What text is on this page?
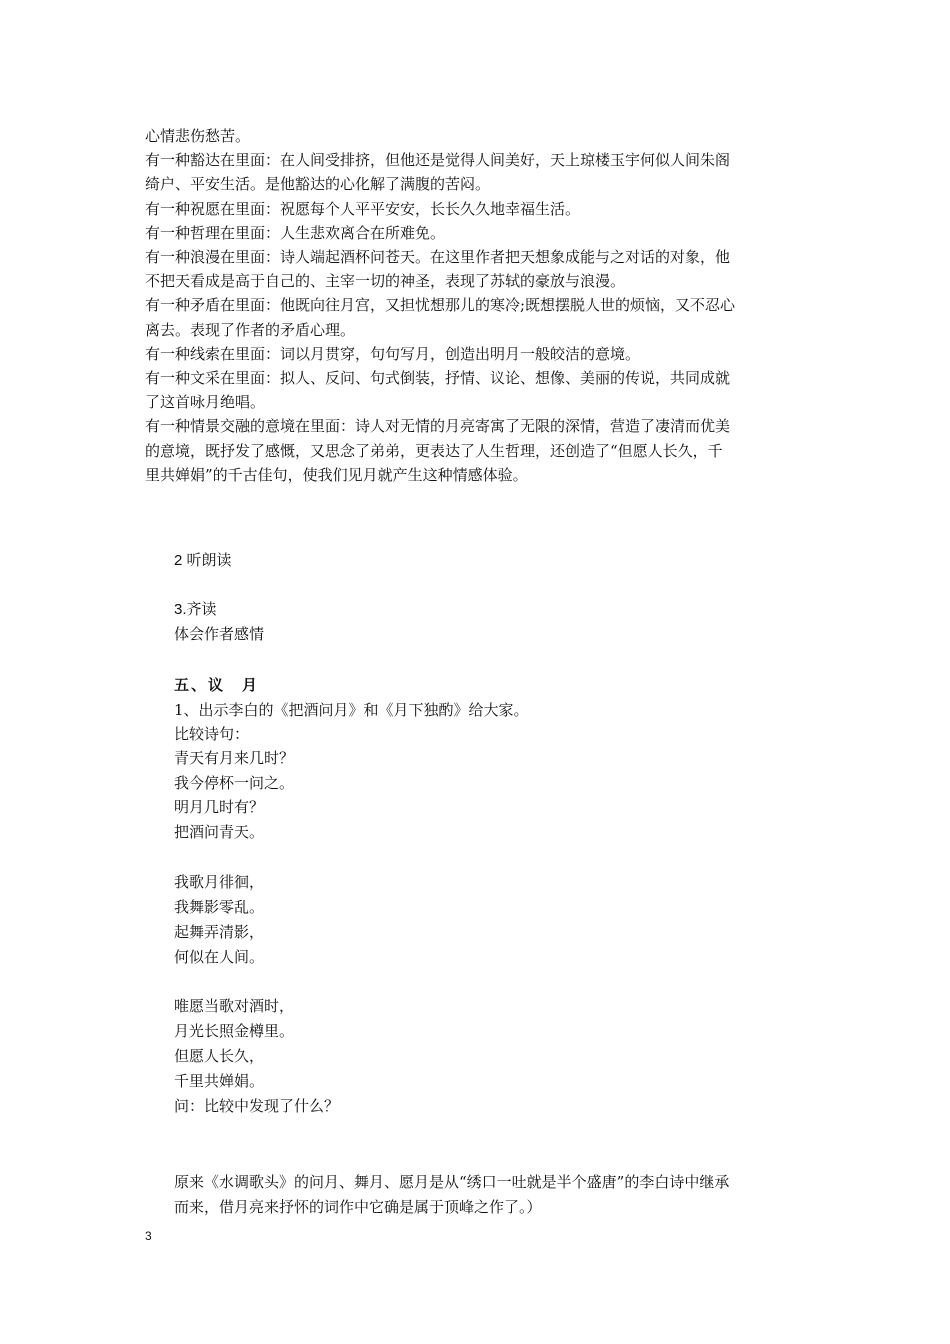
心情悲伤愁苦。
有一种豁达在里面：在人间受排挤，但他还是觉得人间美好，天上琼楼玉宇何似人间朱阁
绮户、平安生活。是他豁达的心化解了满腹的苦闷。
有一种祝愿在里面：祝愿每个人平平安安，长长久久地幸福生活。
有一种哲理在里面：人生悲欢离合在所难免。
有一种浪漫在里面：诗人端起酒杯问苍天。在这里作者把天想象成能与之对话的对象，他
不把天看成是高于自己的、主宰一切的神圣，表现了苏轼的豪放与浪漫。
有一种矛盾在里面：他既向往月宫，又担忧想那儿的寒冷;既想摆脱人世的烦恼，又不忍心
离去。表现了作者的矛盾心理。
有一种线索在里面：词以月贯穿，句句写月，创造出明月一般皎洁的意境。
有一种文采在里面：拟人、反问、句式倒装，抒情、议论、想像、美丽的传说，共同成就
了这首咏月绝唱。
有一种情景交融的意境在里面：诗人对无情的月亮寄寓了无限的深情，营造了凄清而优美
的意境，既抒发了感慨，又思念了弟弟，更表达了人生哲理，还创造了“但愿人长久，千
里共婵娟”的千古佳句，使我们见月就产生这种情感体验。
2 听朗读
3.齐读
体会作者感情
五、议　月
1、出示李白的《把酒问月》和《月下独酌》给大家。
比较诗句：
青天有月来几时？
我今停杯一问之。
明月几时有？
把酒问青天。
我歌月徘徊，
我舞影零乱。
起舞弄清影，
何似在人间。
唯愿当歌对酒时，
月光长照金樽里。
但愿人长久，
千里共婵娟。
问：比较中发现了什么？
原来《水调歌头》的问月、舞月、愿月是从“绣口一吐就是半个盛唐”的李白诗中继承
而来，借月亮来抒怀的词作中它确是属于顶峰之作了。）
3
